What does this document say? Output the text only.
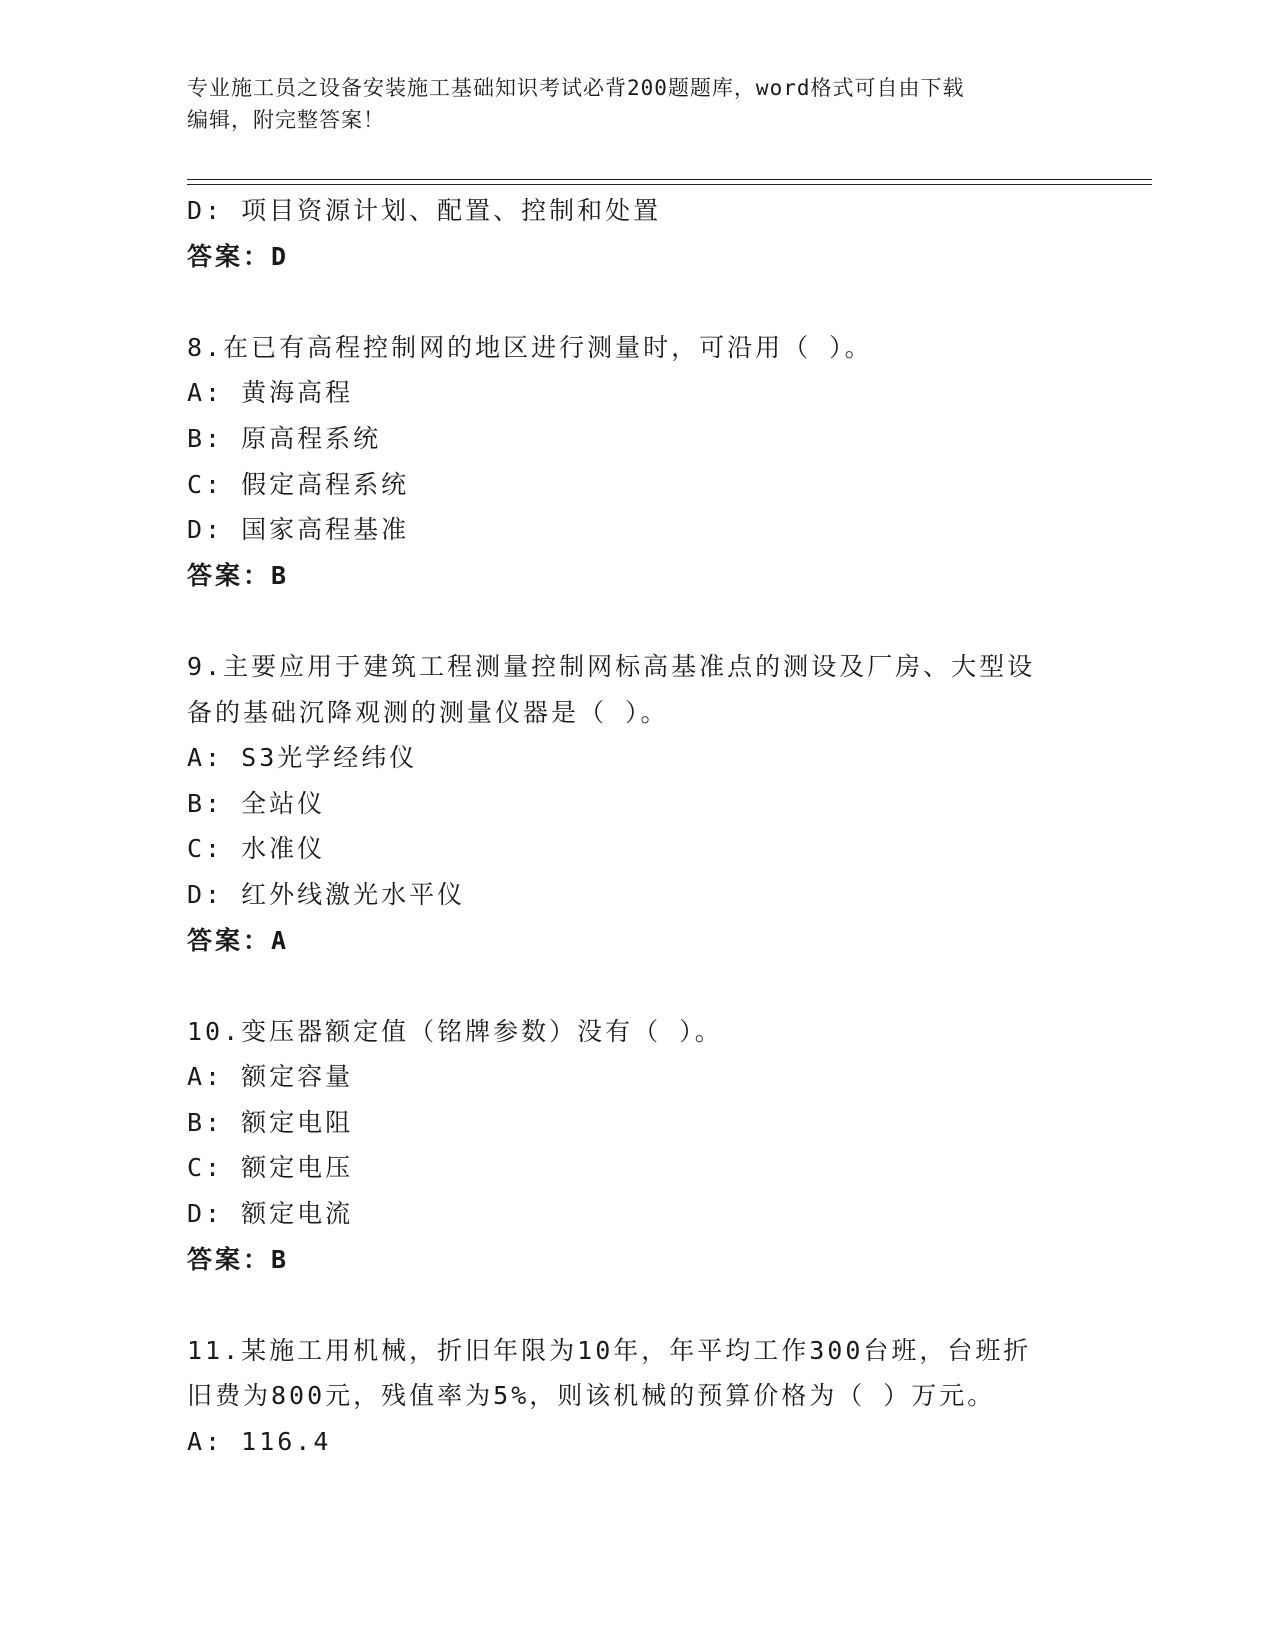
专业施工员之设备安装施工基础知识考试必背200题题库，word格式可自由下载
编辑，附完整答案！
D: 项目资源计划、配置、控制和处置
答案：D
8.在已有高程控制网的地区进行测量时，可沿用（ ）。
A: 黄海高程
B: 原高程系统
C: 假定高程系统
D: 国家高程基准
答案：B
9.主要应用于建筑工程测量控制网标高基准点的测设及厂房、大型设
备的基础沉降观测的测量仪器是（ ）。
A: S3光学经纬仪
B: 全站仪
C: 水准仪
D: 红外线激光水平仪
答案：A
10.变压器额定值（铭牌参数）没有（ ）。
A: 额定容量
B: 额定电阻
C: 额定电压
D: 额定电流
答案：B
11.某施工用机械，折旧年限为10年，年平均工作300台班，台班折
旧费为800元，残值率为5%，则该机械的预算价格为（ ）万元。
A: 116.4
